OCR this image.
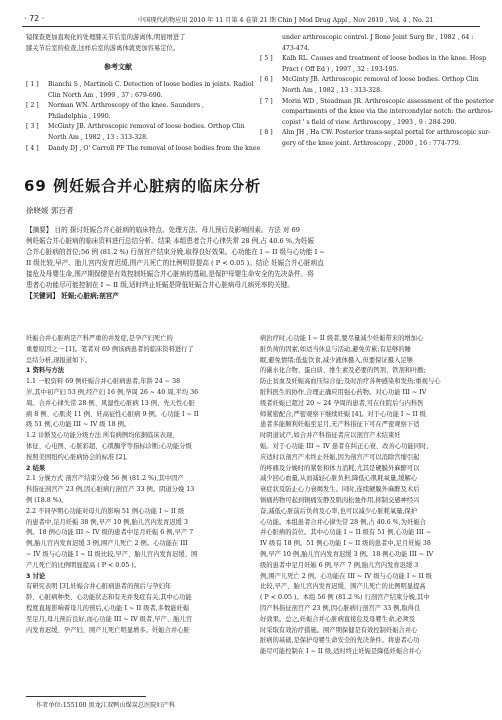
· 72 ·	中国现代药物应用 2010 年 11 月第 4 卷第 21 期 Chin J Mod Drug Appl , Nov 2010 , Vol. 4 , No. 21
镜探查更加直观化的处理膝关节后室的游离体,明显增进了
膝关节后室的检查,这样后室的游离体就更加容易定位。
参考文献
[ 1 ]	Bianchi S , Martinoli C. Detection of loose bodies in joints. Radiol
Clin North Am , 1999 , 37 : 679-690.
[ 2 ]	Norman WN. Arthroscopy of the knee. Saunders ,
Philadelphia , 1990.
[ 3 ]	McGinty JB. Arthroscopic removal of loose bodies. Orthop Clin
North Am , 1982 , 13 : 313-328.
[ 4 ]	Dandy DJ , O' Carroll PF The removal of loose bodies from the knee
under arthroscopic control. J Bone Joint Surg Br , 1982 , 64 :
473-474.
[ 5 ]	Kalb RL. Causes and treatment of loose bodies in the knee. Hosp
Pract ( Off Ed ) , 1997 , 32 : 193-195.
[ 6 ]	McGinty JB. Arthroscopic removal of loose bodies. Orthop Clin
North Am , 1982 , 13 : 313-328.
[ 7 ]	Morin WD , Steadman JR. Arthroscopic assessment of the posterior
compartments of the knee via the intercondylar notch: the arthros-
copist ' s field of view. Arthroscopy , 1993 , 9 : 284-290.
[ 8 ]	Ahn JH , Ha CW. Posterior trans-septal portal for arthroscopic sur-
gery of the knee joint. Arthroscopy , 2000 , 16 : 774-779.
69 例妊娠合并心脏病的临床分析
徐晓媛 郭百者
【摘要】 目的 探讨妊娠合并心脏病的临床特点、处理方法、母儿预后及影响因素。方法 对 69
例妊娠合并心脏病的临床资料进行总结分析。结果 本组患者合并心律失常 28 例,占 40.6 %,为妊娠
合并心脏病的首位;56 例 (81.2 %) 行剖宫产结束分娩,取得良好效果。心功能在 I ~ II 级与心功能 I ~
II 级比较,早产、胎儿宫内发育迟缓,围产儿死亡的比例明显提高 ( P < 0.05 )。结论 妊娠合并心脏病直
接危及母婴生命,围产期保健是有效控制妊娠合并心脏病的基础,是保护母婴生命安全的先决条件。将
患者心功能尽可能控制在 I ~ II 级,适时终止妊娠是降低妊娠合并心脏病母儿病死率的关键。
【关键词】 妊娠;心脏病;剖宫产
妊娠合并心脏病是产科严重的并发症,是孕产妇死亡的
重要原因之一 [1]。笔者对 69 例该病患者的临床资料进行了
总结分析,现报道如下。
1 资料与方法
1.1 一般资料 69 例妊娠合并心脏病患者,年龄 24 ~ 38
岁,其中初产妇 53 例,经产妇 16 例,孕周 26 ~ 40 周,平均 36
周。合并心律失常 28 例、风湿性心脏病 13 例、先天性心脏
病 8 例、心肌炎 11 例、妊高征性心脏病 9 例。心功能 I ~ II
级 51 例,心功能 III ~ IV 级 18 例。
1.2 诊断及心功能分级方法 所有病例均依据临床表现、
体征、心电图、心脏彩超、心肌酶学等指标诊断;心功能分级
按照美国纽约心脏病协会的标准 [2]。
2 结果
2.1 分娩方式 剖宫产结束分娩 56 例 (81.2 %),其中因产
科指征剖宫产 23 例,因心脏病行剖宫产 33 例。阴道分娩 13
例 (18.8 %)。
2.2 不同孕期心功能对母儿的影响 51 例心功能 I ~ II 级
的患者中,足月妊娠 38 例,早产 10 例,胎儿宫内发育迟缓 3
例。18 例心功能 III ~ IV 级的患者中足月妊娠 6 例,早产 7
例,胎儿宫内发育迟缓 3 例,围产儿死亡 2 例。心功能在 III
~ IV 级与心功能 I ~ II 级比较,早产、胎儿宫内发育迟缓、围
产儿死亡的比例明显提高 ( P < 0.05 )。
3 讨论
有研究表明 [3],妊娠合并心脏病患者的预后与孕妇年
龄、心脏病种类、心功能状态和有无并发症有关,其中心功能
程度直接影响着母儿的预后,心功能 I ~ II 级者,多数能妊娠
至足月,母儿预后良好,而心功能 III ~ IV 级者,早产、胎儿宫
内发育迟缓、孕产妇、围产儿死亡明显增多。妊娠合并心脏
病治疗时,心功能 I ~ II 级者,要尽量减少妊娠带来的增加心
脏负荷的因素,如适当休息与活动,避免劳累;有足够的睡
眠,避免情绪;低盐饮食,减少液体摄入,但要保证摄入足够
的碳水化合物、蛋白质、维生素及必要的钙剂、铁剂和叶酸;
防止贫血及妊娠高血压综合征;及时治疗各种感染和发热;重视与心
脏科医生的协作,合理正确应用强心药物。对心功能 III ~ IV
级者妊娠已超过 20 ~ 24 孕周的患者,可在住院后与内科医
师紧密配合,严密观察下继续妊娠 [4]。对于心功能 I ~ II 级
患者多能顺利妊娠至足月,无产科指征下可在严密观察下适
时阴道试产,如合并产科指征者应以剖宫产术结束妊
娠。对于心功能 III ~ IV 患者在纠正心衰、改善心功能同时,
应适时以剖宫产术终止妊娠,因为剖宫产可以消除宫缩引起
的疼痛及分娩时的紧张和体力消耗,尤其是硬膜外麻醉可以
减少回心血量,从而减轻心脏负担,降低心肌耗氧量,缓解心
衰症状及防止心力衰竭发生。同时,连续硬膜外麻醉及术后
镇痛药物可起到镇痛安静及肌肉松弛作用,抑制交感神经兴
奋,减低心脏前后负荷及心率,也可以减少心脏耗氧量,保护
心功能。本组患者合并心律失常 28 例,占 40.6 %,为妊娠合
并心脏病的首位。其中心功能 I ~ II 级有 51 例,心功能 III ~
IV 级有 18 例。51 例心功能 I ~ II 级的患者中,足月妊娠 38
例,早产 10 例,胎儿宫内发育迟缓 3 例。18 例心功能 III ~ IV
级的患者中足月妊娠 6 例,早产 7 例,胎儿宫内发育迟缓 3
例,围产儿死亡 2 例。心功能在 III ~ IV 级与心功能 I ~ II 级
比较,早产、胎儿宫内发育迟缓、围产儿死亡的比例明显提高
( P < 0.05 )。本组 56 例 (81.2 %) 行剖宫产结束分娩,其中
因产科指征剖宫产 23 例,因心脏病行剖宫产 33 例,取得良
好效果。总之,妊娠合并心脏病直接危及母婴生命,必须及
时采取有效治疗措施。围产期保健是有效控制妊娠合并心
脏病的基础,是保护母婴生命安全的先决条件。将患者心功
能尽可能控制在 I ~ II 级,适时终止妊娠是降低妊娠合并心
作者单位:155100 黑龙江双鸭山煤炭总医院妇产科
